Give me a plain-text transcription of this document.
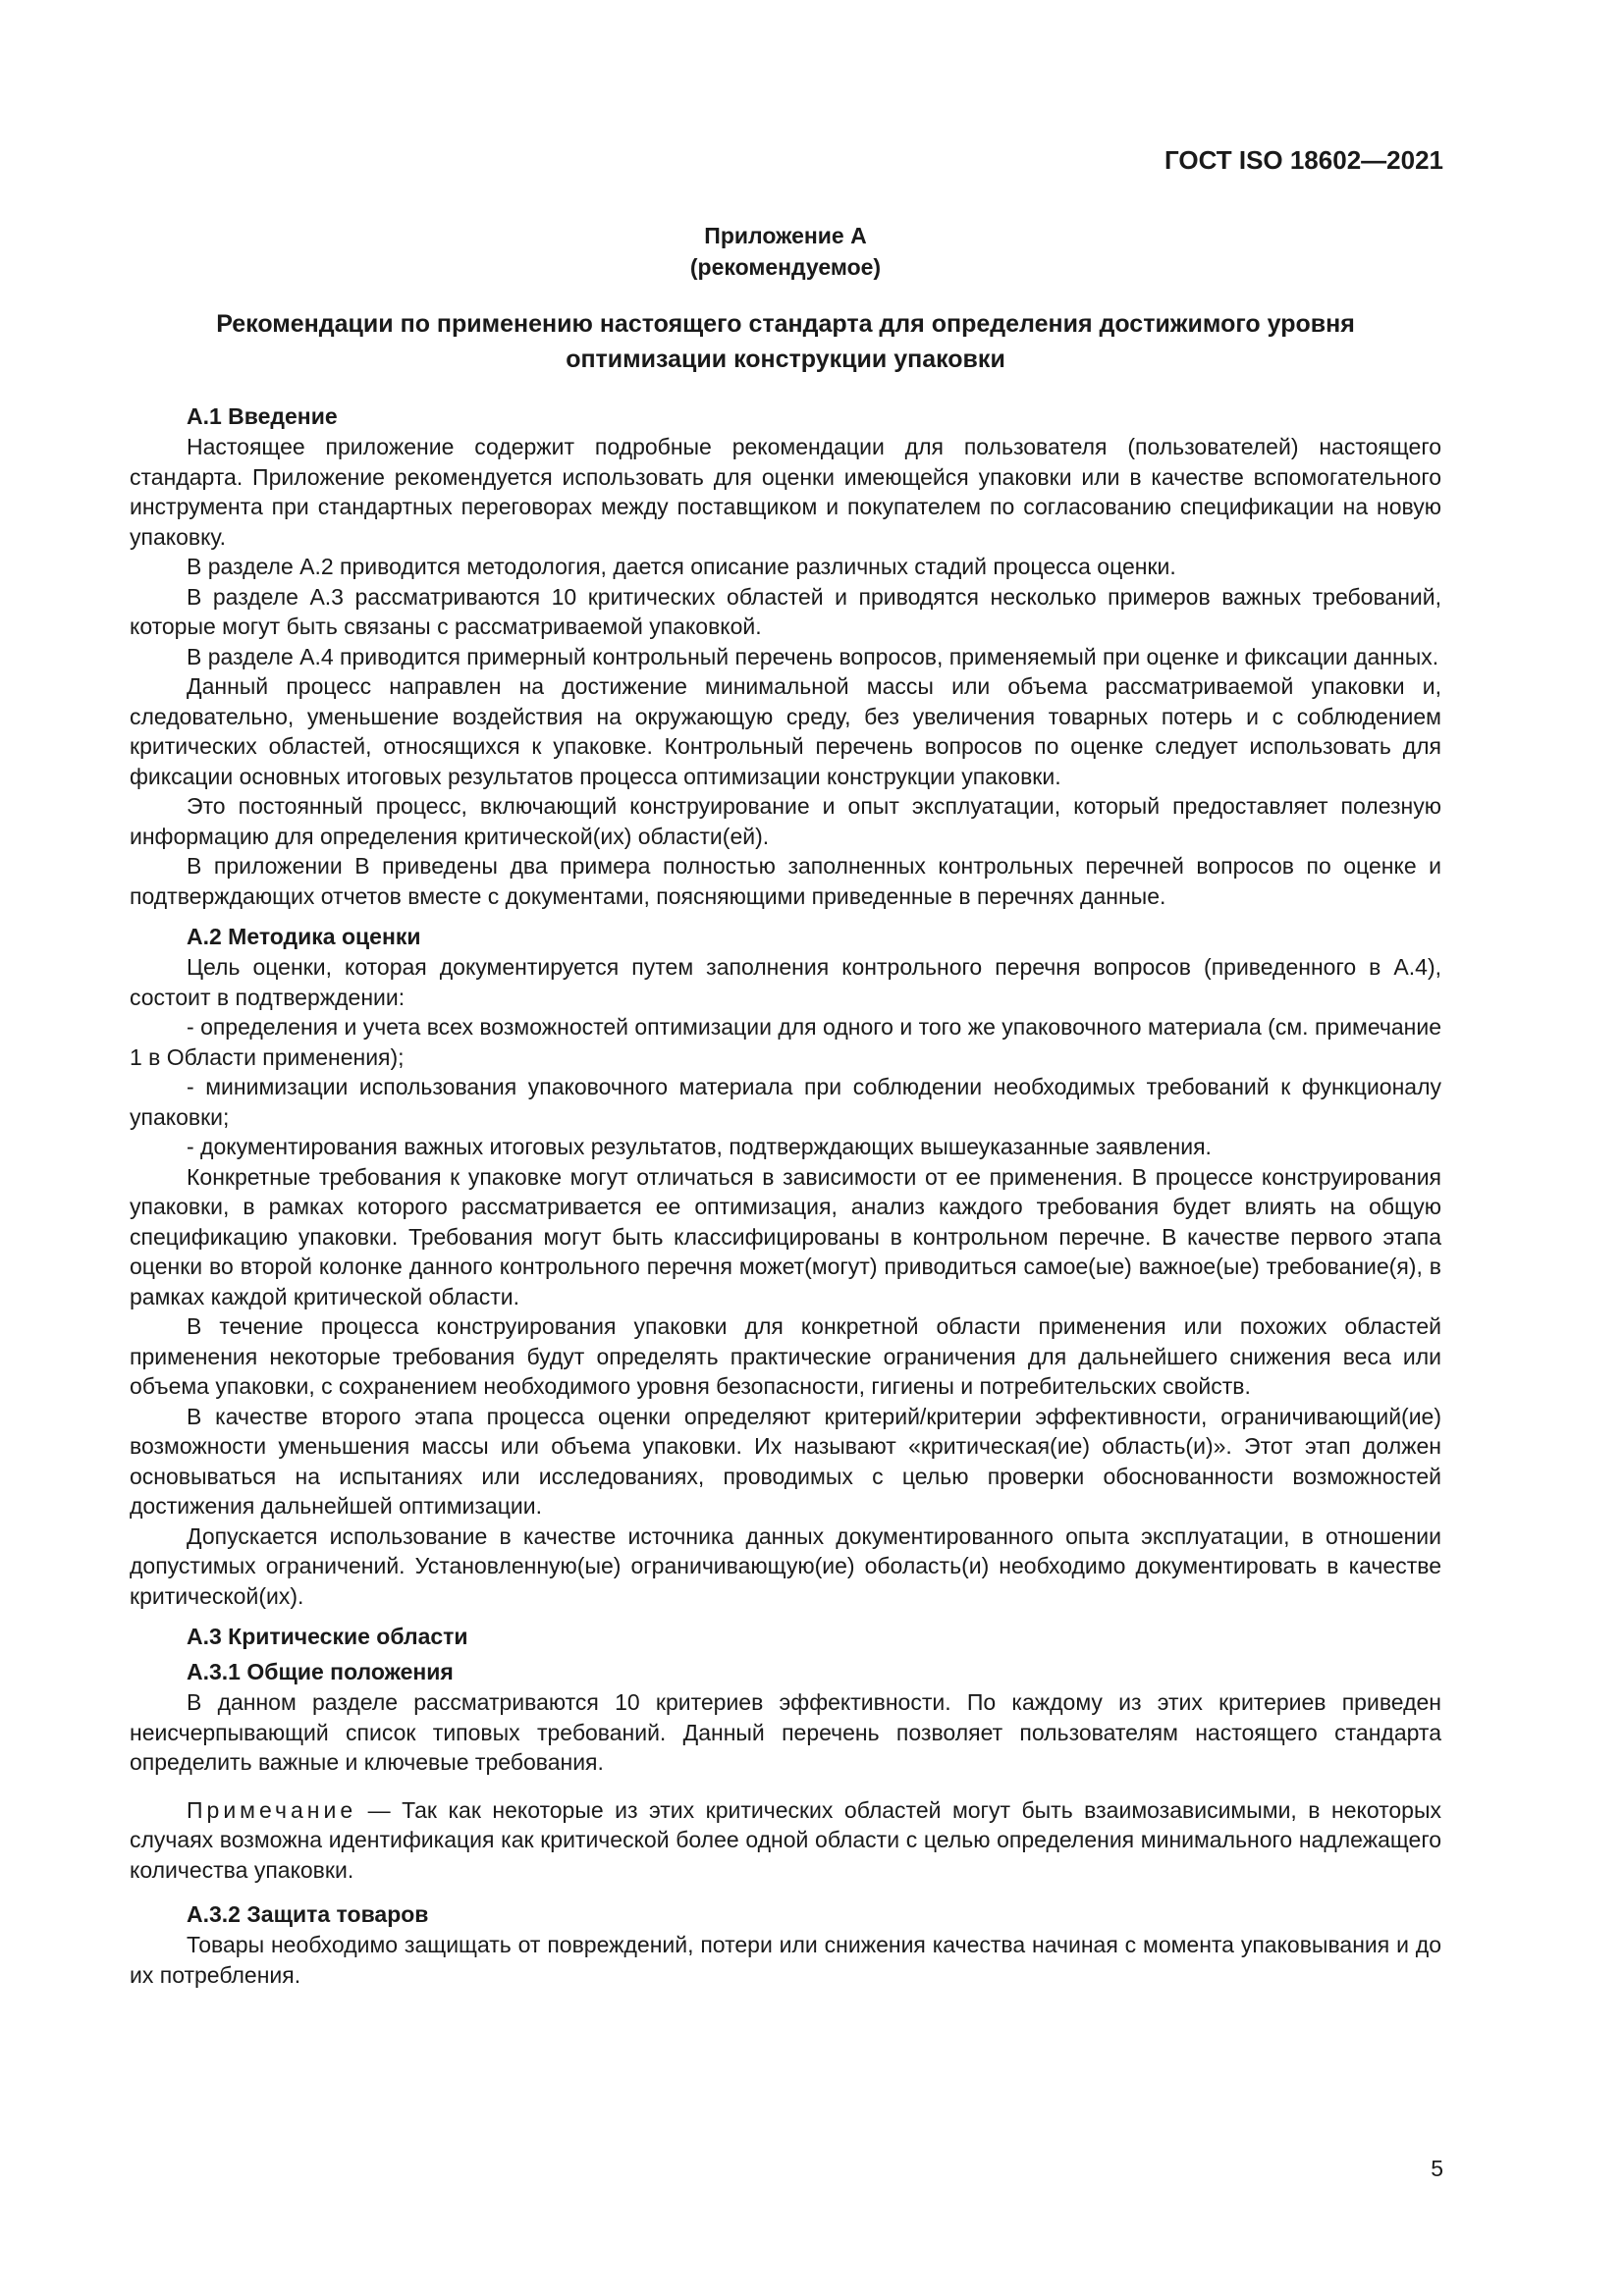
ГОСТ ISO 18602—2021
Приложение А
(рекомендуемое)
Рекомендации по применению настоящего стандарта для определения достижимого уровня
оптимизации конструкции упаковки
А.1 Введение

Настоящее приложение содержит подробные рекомендации для пользователя (пользователей) настоящего стандарта. Приложение рекомендуется использовать для оценки имеющейся упаковки или в качестве вспомогательного инструмента при стандартных переговорах между поставщиком и покупателем по согласованию спецификации на новую упаковку.

В разделе А.2 приводится методология, дается описание различных стадий процесса оценки.

В разделе А.3 рассматриваются 10 критических областей и приводятся несколько примеров важных требований, которые могут быть связаны с рассматриваемой упаковкой.

В разделе А.4 приводится примерный контрольный перечень вопросов, применяемый при оценке и фиксации данных.

Данный процесс направлен на достижение минимальной массы или объема рассматриваемой упаковки и, следовательно, уменьшение воздействия на окружающую среду, без увеличения товарных потерь и с соблюдением критических областей, относящихся к упаковке. Контрольный перечень вопросов по оценке следует использовать для фиксации основных итоговых результатов процесса оптимизации конструкции упаковки.

Это постоянный процесс, включающий конструирование и опыт эксплуатации, который предоставляет полезную информацию для определения критической(их) области(ей).

В приложении В приведены два примера полностью заполненных контрольных перечней вопросов по оценке и подтверждающих отчетов вместе с документами, поясняющими приведенные в перечнях данные.

А.2 Методика оценки

Цель оценки, которая документируется путем заполнения контрольного перечня вопросов (приведенного в А.4), состоит в подтверждении:

- определения и учета всех возможностей оптимизации для одного и того же упаковочного материала (см. примечание 1 в Области применения);

- минимизации использования упаковочного материала при соблюдении необходимых требований к функционалу упаковки;

- документирования важных итоговых результатов, подтверждающих вышеуказанные заявления.

Конкретные требования к упаковке могут отличаться в зависимости от ее применения. В процессе конструирования упаковки, в рамках которого рассматривается ее оптимизация, анализ каждого требования будет влиять на общую спецификацию упаковки. Требования могут быть классифицированы в контрольном перечне. В качестве первого этапа оценки во второй колонке данного контрольного перечня может(могут) приводиться самое(ые) важное(ые) требование(я), в рамках каждой критической области.

В течение процесса конструирования упаковки для конкретной области применения или похожих областей применения некоторые требования будут определять практические ограничения для дальнейшего снижения веса или объема упаковки, с сохранением необходимого уровня безопасности, гигиены и потребительских свойств.

В качестве второго этапа процесса оценки определяют критерий/критерии эффективности, ограничивающий(ие) возможности уменьшения массы или объема упаковки. Их называют «критическая(ие) область(и)». Этот этап должен основываться на испытаниях или исследованиях, проводимых с целью проверки обоснованности возможностей достижения дальнейшей оптимизации.

Допускается использование в качестве источника данных документированного опыта эксплуатации, в отношении допустимых ограничений. Установленную(ые) ограничивающую(ие) оболасть(и) необходимо документировать в качестве критической(их).

А.3 Критические области
А.3.1 Общие положения

В данном разделе рассматриваются 10 критериев эффективности. По каждому из этих критериев приведен неисчерпывающий список типовых требований. Данный перечень позволяет пользователям настоящего стандарта определить важные и ключевые требования.

Примечание — Так как некоторые из этих критических областей могут быть взаимозависимыми, в некоторых случаях возможна идентификация как критической более одной области с целью определения минимального надлежащего количества упаковки.

А.3.2 Защита товаров

Товары необходимо защищать от повреждений, потери или снижения качества начиная с момента упаковывания и до их потребления.

5
